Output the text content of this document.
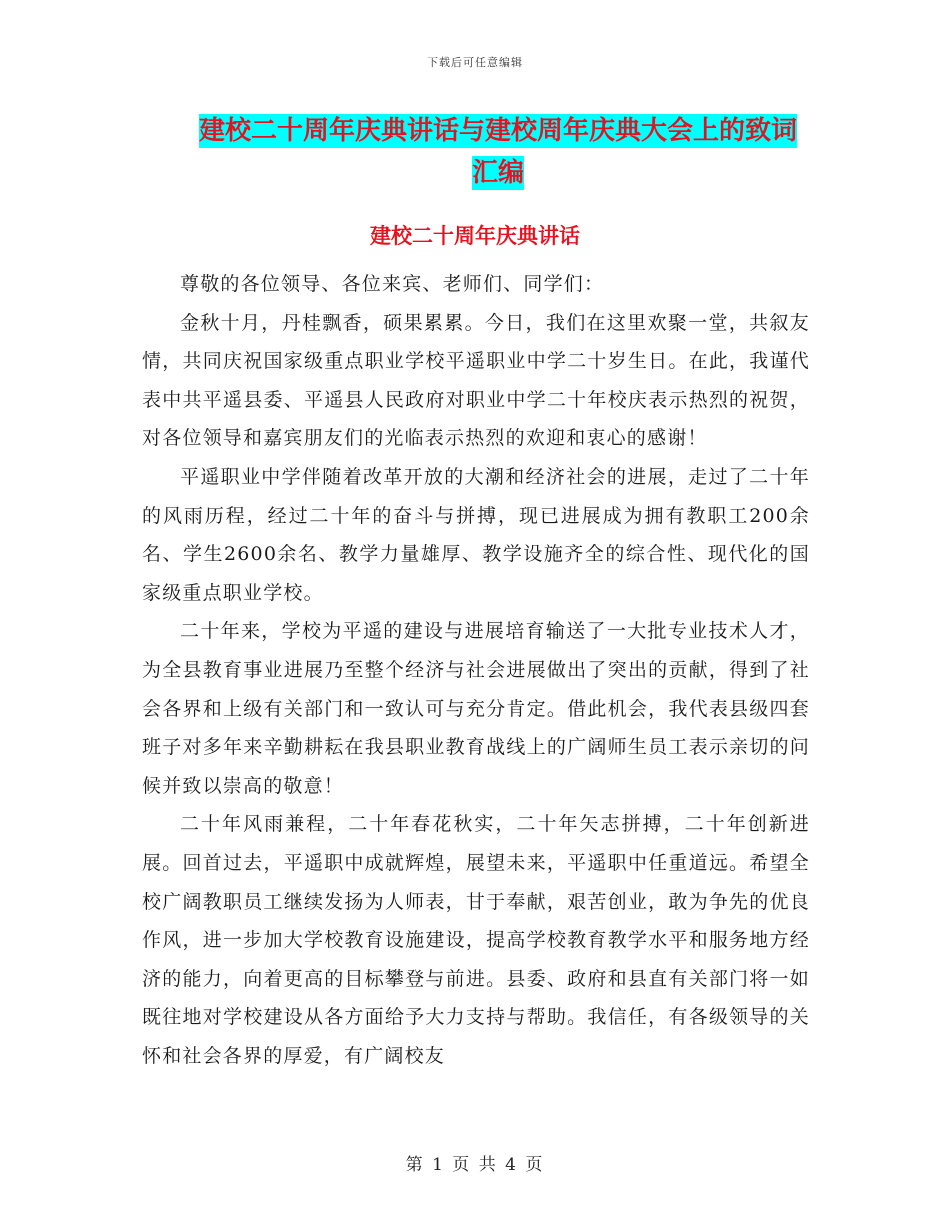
下载后可任意编辑
建校二十周年庆典讲话与建校周年庆典大会上的致词
汇编
建校二十周年庆典讲话

尊敬的各位领导、各位来宾、老师们、同学们：

金秋十月，丹桂飘香，硕果累累。今日，我们在这里欢聚一堂，共叙友情，共同庆祝国家级重点职业学校平遥职业中学二十岁生日。在此，我谨代表中共平遥县委、平遥县人民政府对职业中学二十年校庆表示热烈的祝贺，对各位领导和嘉宾朋友们的光临表示热烈的欢迎和衷心的感谢！

平遥职业中学伴随着改革开放的大潮和经济社会的进展，走过了二十年的风雨历程，经过二十年的奋斗与拼搏，现已进展成为拥有教职工200余名、学生2600余名、教学力量雄厚、教学设施齐全的综合性、现代化的国家级重点职业学校。

二十年来，学校为平遥的建设与进展培育输送了一大批专业技术人才，为全县教育事业进展乃至整个经济与社会进展做出了突出的贡献，得到了社会各界和上级有关部门和一致认可与充分肯定。借此机会，我代表县级四套班子对多年来辛勤耕耘在我县职业教育战线上的广阔师生员工表示亲切的问候并致以崇高的敬意！

二十年风雨兼程，二十年春花秋实，二十年矢志拼搏，二十年创新进展。回首过去，平遥职中成就辉煌，展望未来，平遥职中任重道远。希望全校广阔教职员工继续发扬为人师表，甘于奉献，艰苦创业，敢为争先的优良作风，进一步加大学校教育设施建设，提高学校教育教学水平和服务地方经济的能力，向着更高的目标攀登与前进。县委、政府和县直有关部门将一如既往地对学校建设从各方面给予大力支持与帮助。我信任，有各级领导的关怀和社会各界的厚爱，有广阔校友

第 1 页 共 4 页
